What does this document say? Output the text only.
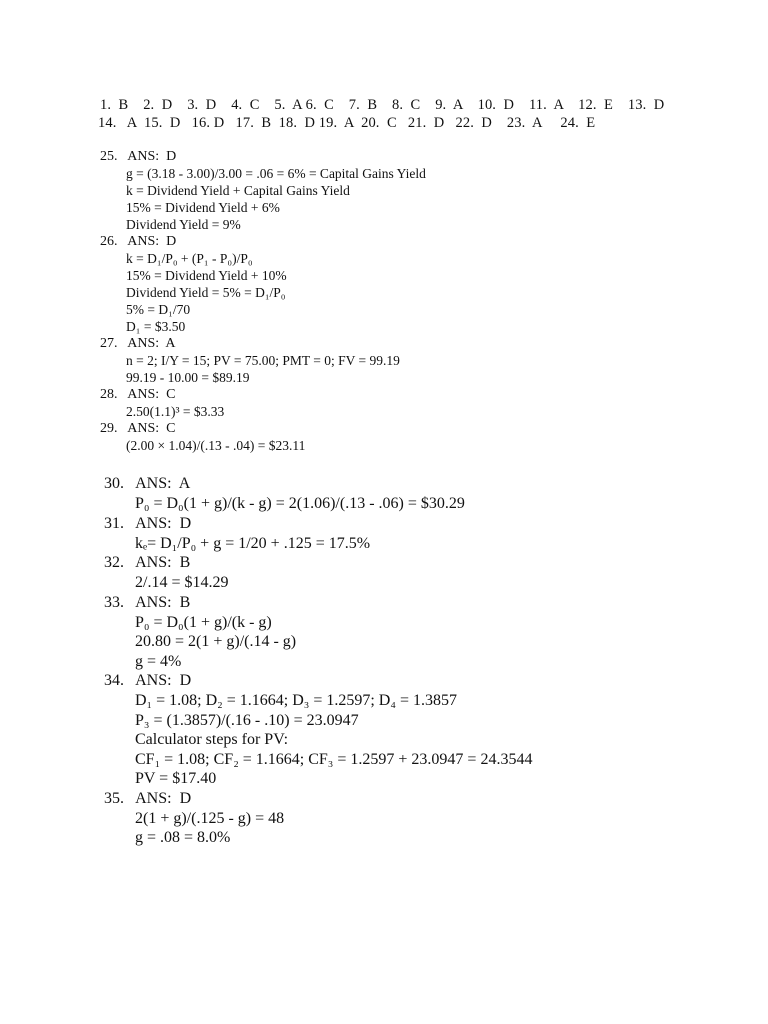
1.  B    2.  D    3.  D    4.  C    5.  A 6.  C    7.  B    8.  C    9.  A    10.  D    11.  A    12.  E    13.  D
14.   A  15.  D   16. D   17.  B  18.  D 19.  A  20.  C   21.  D   22.  D    23.  A     24.  E
25.   ANS:  D
g = (3.18 - 3.00)/3.00 = .06 = 6% = Capital Gains Yield
k = Dividend Yield + Capital Gains Yield
15% = Dividend Yield + 6%
Dividend Yield = 9%
26.   ANS:  D
k = D₁/P₀ + (P₁ - P₀)/P₀
15% = Dividend Yield + 10%
Dividend Yield = 5% = D₁/P₀
5% = D₁/70
D₁ = $3.50
27.   ANS:  A
n = 2; I/Y = 15; PV = 75.00; PMT = 0; FV = 99.19
99.19 - 10.00 = $89.19
28.   ANS:  C
2.50(1.1)³ = $3.33
29.   ANS:  C
(2.00 × 1.04)/(.13 - .04) = $23.11
30.   ANS:  A
P₀ = D₀(1 + g)/(k - g) = 2(1.06)/(.13 - .06) = $30.29
31.   ANS:  D
kₑ= D₁/P₀ + g = 1/20 + .125 = 17.5%
32.   ANS:  B
2/.14 = $14.29
33.   ANS:  B
P₀ = D₀(1 + g)/(k - g)
20.80 = 2(1 + g)/(.14 - g)
g = 4%
34.   ANS:  D
D₁ = 1.08; D₂ = 1.1664; D₃ = 1.2597; D₄ = 1.3857
P₃ = (1.3857)/(.16 - .10) = 23.0947
Calculator steps for PV:
CF₁ = 1.08; CF₂ = 1.1664; CF₃ = 1.2597 + 23.0947 = 24.3544
PV = $17.40
35.   ANS:  D
2(1 + g)/(.125 - g) = 48
g = .08 = 8.0%
